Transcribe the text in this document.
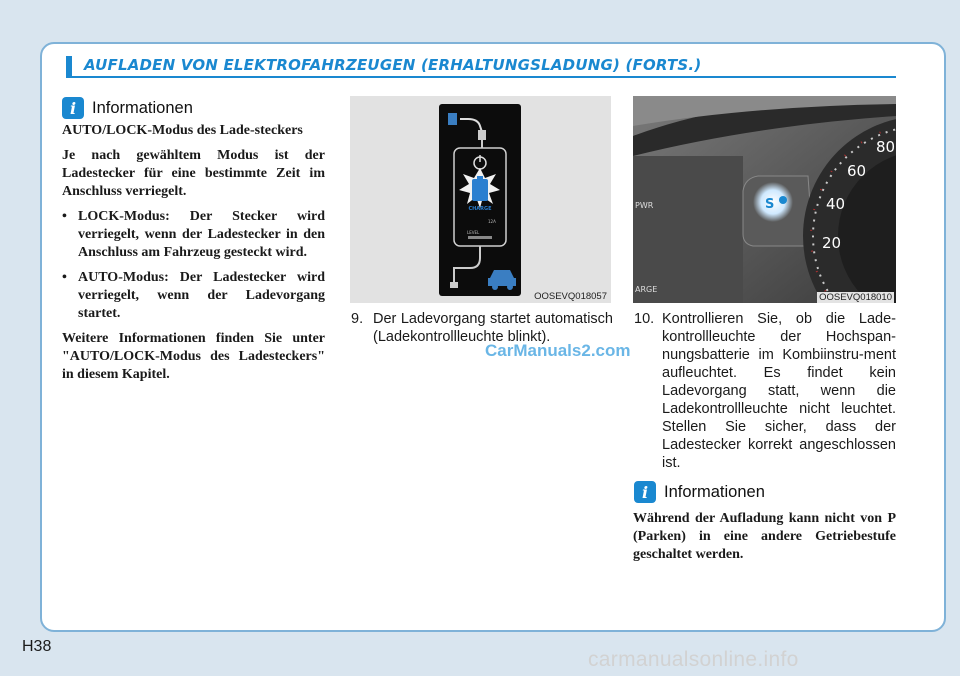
AUFLADEN VON ELEKTROFAHRZEUGEN (ERHALTUNGSLADUNG) (FORTS.)
i Informationen

AUTO/LOCK-Modus des Lade-steckers

Je nach gewähltem Modus ist der Ladestecker für eine bestimmte Zeit im Anschluss verriegelt.

• LOCK-Modus: Der Stecker wird verriegelt, wenn der Ladestecker in den Anschluss am Fahrzeug gesteckt wird.
• AUTO-Modus: Der Ladestecker wird verriegelt, wenn der Ladevorgang startet.

Weitere Informationen finden Sie unter "AUTO/LOCK-Modus des Ladesteckers" in diesem Kapitel.

CHARGE
12A
LEVEL
OOSEVQ018057
9. Der Ladevorgang startet automatisch (Ladekontrollleuchte blinkt).
CarManuals2.com
PWR
ARGE
S
80
60
40
20
OOSEVQ018010
10. Kontrollieren Sie, ob die Lade-kontrollleuchte der Hochspan-nungsbatterie im Kombiinstru-ment aufleuchtet. Es findet kein Ladevorgang statt, wenn die Ladekontrollleuchte nicht leuchtet. Stellen Sie sicher, dass der Ladestecker korrekt angeschlossen ist.
i Informationen
Während der Aufladung kann nicht von P (Parken) in eine andere Getriebestufe geschaltet werden.
H38
carmanualsonline.info
